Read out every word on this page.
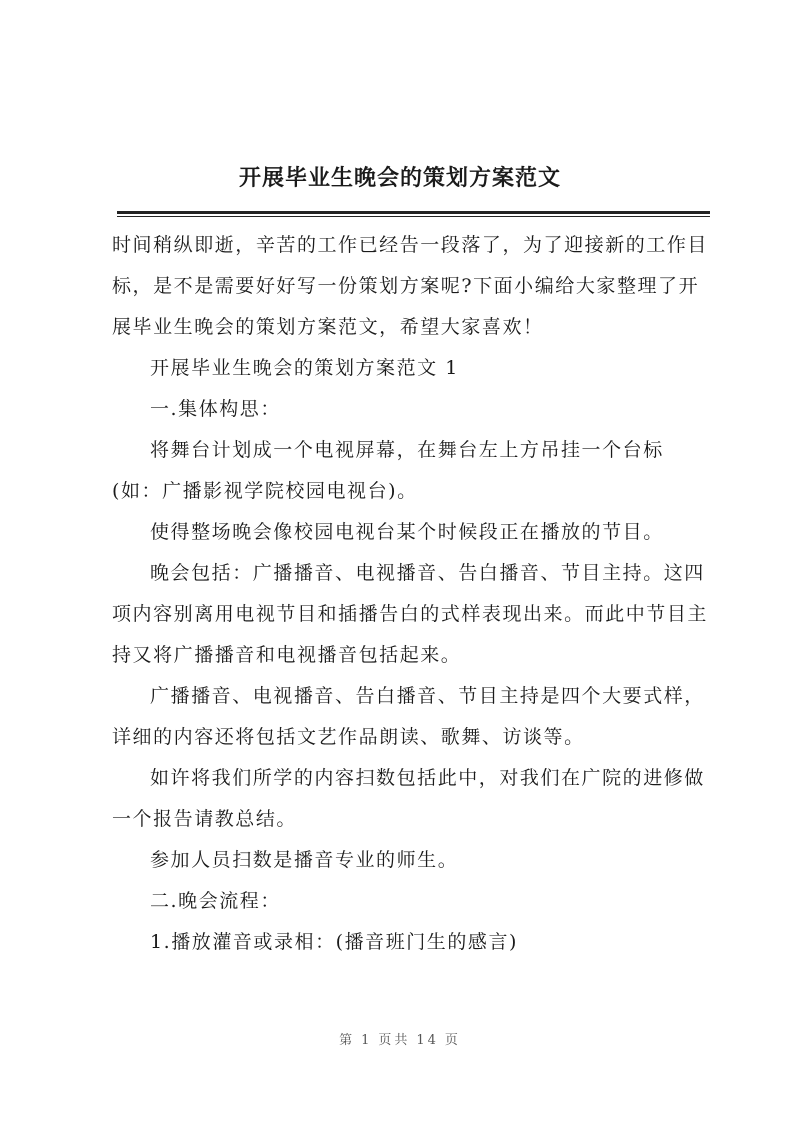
开展毕业生晚会的策划方案范文

时间稍纵即逝，辛苦的工作已经告一段落了，为了迎接新的工作目标，是不是需要好好写一份策划方案呢?下面小编给大家整理了开展毕业生晚会的策划方案范文，希望大家喜欢！

开展毕业生晚会的策划方案范文 1

一.集体构思：

将舞台计划成一个电视屏幕，在舞台左上方吊挂一个台标(如：广播影视学院校园电视台)。

使得整场晚会像校园电视台某个时候段正在播放的节目。

晚会包括：广播播音、电视播音、告白播音、节目主持。这四项内容别离用电视节目和插播告白的式样表现出来。而此中节目主持又将广播播音和电视播音包括起来。

广播播音、电视播音、告白播音、节目主持是四个大要式样，详细的内容还将包括文艺作品朗读、歌舞、访谈等。

如许将我们所学的内容扫数包括此中，对我们在广院的进修做一个报告请教总结。

参加人员扫数是播音专业的师生。

二.晚会流程：

1.播放灌音或录相：(播音班门生的感言)

第 1 页共 14 页
